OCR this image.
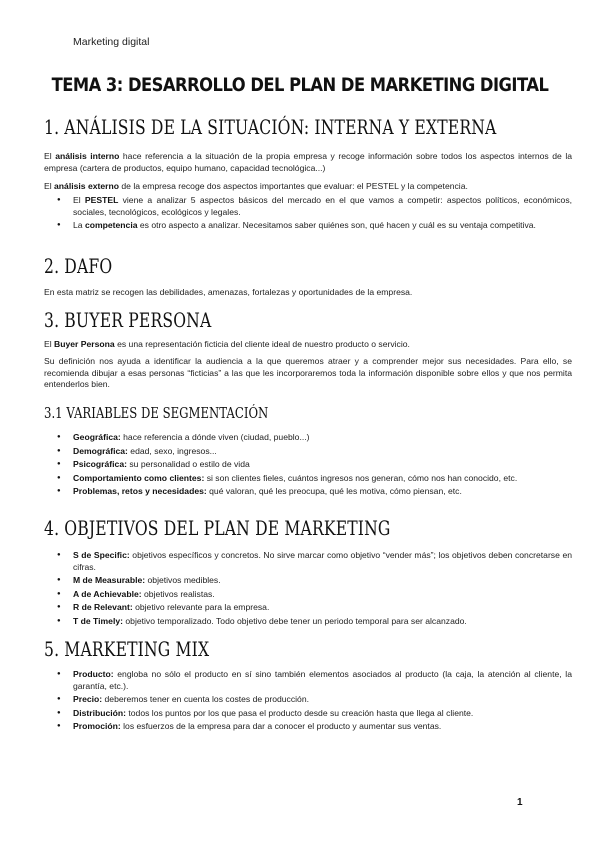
Marketing digital
TEMA 3: DESARROLLO DEL PLAN DE MARKETING DIGITAL
1. ANÁLISIS DE LA SITUACIÓN: INTERNA Y EXTERNA
El análisis interno hace referencia a la situación de la propia empresa y recoge información sobre todos los aspectos internos de la empresa (cartera de productos, equipo humano, capacidad tecnológica...)
El análisis externo de la empresa recoge dos aspectos importantes que evaluar: el PESTEL y la competencia.
● El PESTEL viene a analizar 5 aspectos básicos del mercado en el que vamos a competir: aspectos políticos, económicos, sociales, tecnológicos, ecológicos y legales.
● La competencia es otro aspecto a analizar. Necesitamos saber quiénes son, qué hacen y cuál es su ventaja competitiva.
2. DAFO
En esta matriz se recogen las debilidades, amenazas, fortalezas y oportunidades de la empresa.
3. BUYER PERSONA
El Buyer Persona es una representación ficticia del cliente ideal de nuestro producto o servicio.
Su definición nos ayuda a identificar la audiencia a la que queremos atraer y a comprender mejor sus necesidades. Para ello, se recomienda dibujar a esas personas “ficticias” a las que les incorporaremos toda la información disponible sobre ellos y que nos permita entenderlos bien.
3.1 VARIABLES DE SEGMENTACIÓN
● Geográfica: hace referencia a dónde viven (ciudad, pueblo...)
● Demográfica: edad, sexo, ingresos...
● Psicográfica: su personalidad o estilo de vida
● Comportamiento como clientes: si son clientes fieles, cuántos ingresos nos generan, cómo nos han conocido, etc.
● Problemas, retos y necesidades: qué valoran, qué les preocupa, qué les motiva, cómo piensan, etc.
4. OBJETIVOS DEL PLAN DE MARKETING
● S de Specific: objetivos específicos y concretos. No sirve marcar como objetivo “vender más”; los objetivos deben concretarse en cifras.
● M de Measurable: objetivos medibles.
● A de Achievable: objetivos realistas.
● R de Relevant: objetivo relevante para la empresa.
● T de Timely: objetivo temporalizado. Todo objetivo debe tener un periodo temporal para ser alcanzado.
5. MARKETING MIX
● Producto: engloba no sólo el producto en sí sino también elementos asociados al producto (la caja, la atención al cliente, la garantía, etc.).
● Precio: deberemos tener en cuenta los costes de producción.
● Distribución: todos los puntos por los que pasa el producto desde su creación hasta que llega al cliente.
● Promoción: los esfuerzos de la empresa para dar a conocer el producto y aumentar sus ventas.
1
